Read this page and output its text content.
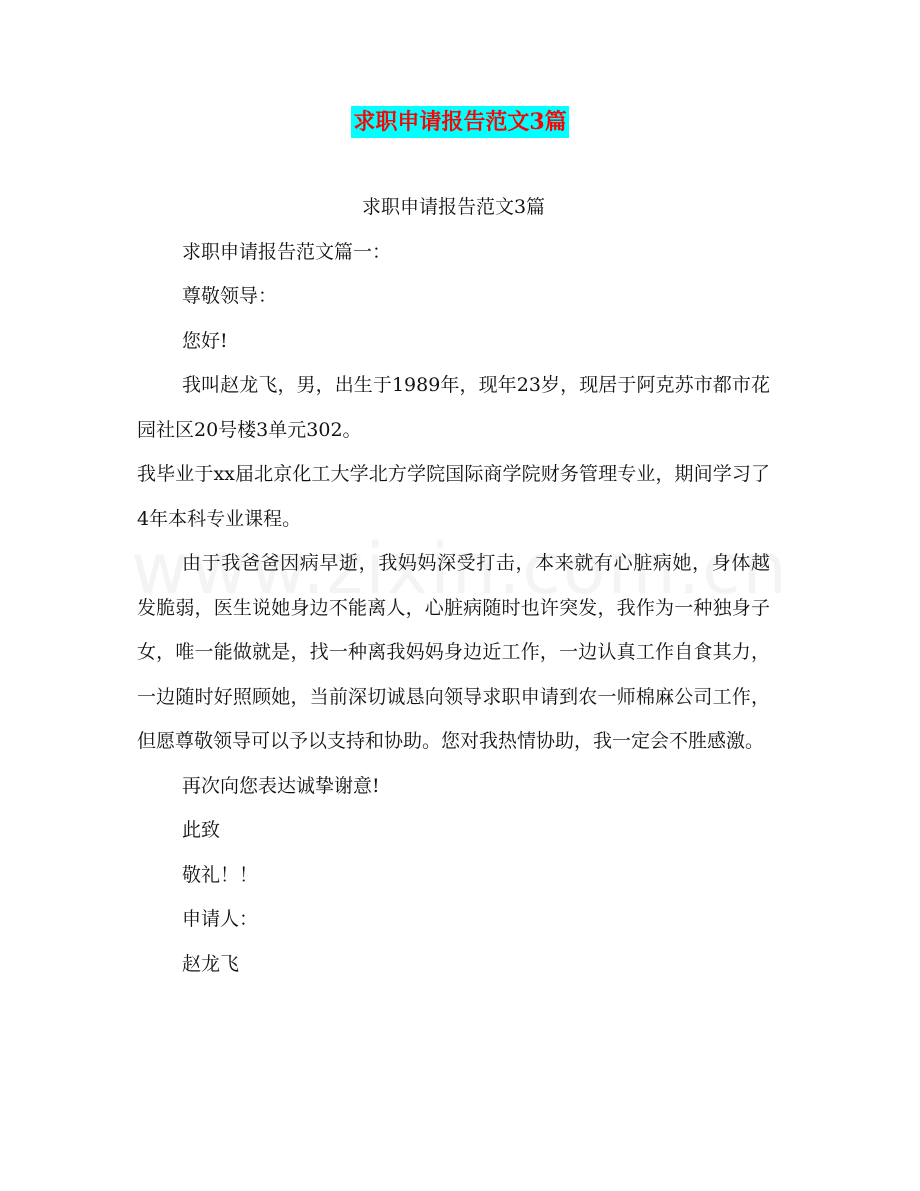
求职申请报告范文3篇

求职申请报告范文3篇

求职申请报告范文篇一：

尊敬领导：

您好!

我叫赵龙飞，男，出生于1989年，现年23岁，现居于阿克苏市都市花园社区20号楼3单元302。

我毕业于xx届北京化工大学北方学院国际商学院财务管理专业，期间学习了4年本科专业课程。

由于我爸爸因病早逝，我妈妈深受打击，本来就有心脏病她，身体越发脆弱，医生说她身边不能离人，心脏病随时也许突发，我作为一种独身子女，唯一能做就是，找一种离我妈妈身边近工作，一边认真工作自食其力，一边随时好照顾她，当前深切诚恳向领导求职申请到农一师棉麻公司工作，但愿尊敬领导可以予以支持和协助。您对我热情协助，我一定会不胜感激。

再次向您表达诚挚谢意!

此致

敬礼！！

申请人：

赵龙飞
